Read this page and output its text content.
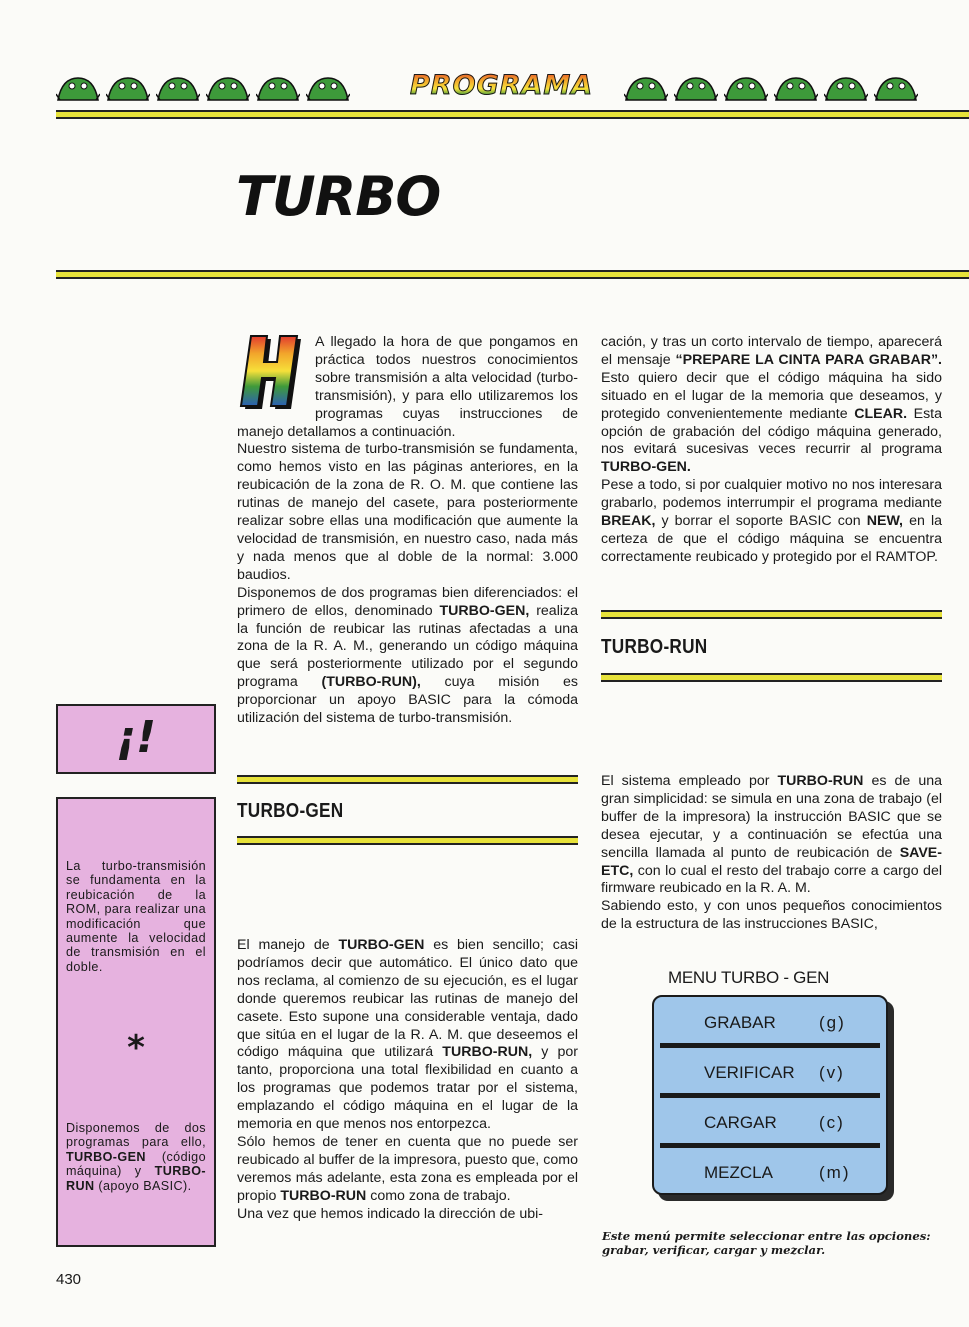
PROGRAMA
TURBO
¡!

La turbo-transmisión se fundamenta en la reubicación de la ROM, para realizar una modificación que aumente la velocidad de transmisión en el doble.

*

Disponemos de dos programas para ello, TURBO-GEN (código máquina) y TURBO-RUN (apoyo BASIC).

A llegado la hora de que pongamos en práctica todos nuestros conocimientos sobre transmisión a alta velocidad (turbo-transmisión), y para ello utilizaremos los programas cuyas instrucciones de manejo detallamos a continuación.

Nuestro sistema de turbo-transmisión se fundamenta, como hemos visto en las páginas anteriores, en la reubicación de la zona de R. O. M. que contiene las rutinas de manejo del casete, para posteriormente realizar sobre ellas una modificación que aumente la velocidad de transmisión, en nuestro caso, nada más y nada menos que al doble de la normal: 3.000 baudios.

Disponemos de dos programas bien diferenciados: el primero de ellos, denominado TURBO-GEN, realiza la función de reubicar las rutinas afectadas a una zona de la R. A. M., generando un código máquina que será posteriormente utilizado por el segundo programa (TURBO-RUN), cuya misión es proporcionar un apoyo BASIC para la cómoda utilización del sistema de turbo-transmisión.

TURBO-GEN

El manejo de TURBO-GEN es bien sencillo; casi podríamos decir que automático. El único dato que nos reclama, al comienzo de su ejecución, es el lugar donde queremos reubicar las rutinas de manejo del casete. Esto supone una considerable ventaja, dado que sitúa en el lugar de la R. A. M. que deseemos el código máquina que utilizará TURBO-RUN, y por tanto, proporciona una total flexibilidad en cuanto a los programas que podemos tratar por el sistema, emplazando el código máquina en el lugar de la memoria en que menos nos entorpezca.

Sólo hemos de tener en cuenta que no puede ser reubicado al buffer de la impresora, puesto que, como veremos más adelante, esta zona es empleada por el propio TURBO-RUN como zona de trabajo.

Una vez que hemos indicado la dirección de ubi-

cación, y tras un corto intervalo de tiempo, aparecerá el mensaje “PREPARE LA CINTA PARA GRABAR”. Esto quiero decir que el código máquina ha sido situado en el lugar de la memoria que deseamos, y protegido convenientemente mediante CLEAR. Esta opción de grabación del código máquina generado, nos evitará sucesivas veces recurrir al programa TURBO-GEN.

Pese a todo, si por cualquier motivo no nos interesara grabarlo, podemos interrumpir el programa mediante BREAK, y borrar el soporte BASIC con NEW, en la certeza de que el código máquina se encuentra correctamente reubicado y protegido por el RAMTOP.

TURBO-RUN

El sistema empleado por TURBO-RUN es de una gran simplicidad: se simula en una zona de trabajo (el buffer de la impresora) la instrucción BASIC que se desea ejecutar, y a continuación se efectúa una sencilla llamada al punto de reubicación de SAVE-ETC, con lo cual el resto del trabajo corre a cargo del firmware reubicado en la R. A. M.

Sabiendo esto, y con unos pequeños conocimientos de la estructura de las instrucciones BASIC,

MENU TURBO - GEN
GRABAR	(g)
VERIFICAR (v)
CARGAR (c)
MEZCLA	(m)
Este menú permite seleccionar entre las opciones: grabar, verificar, cargar y mezclar.
430
